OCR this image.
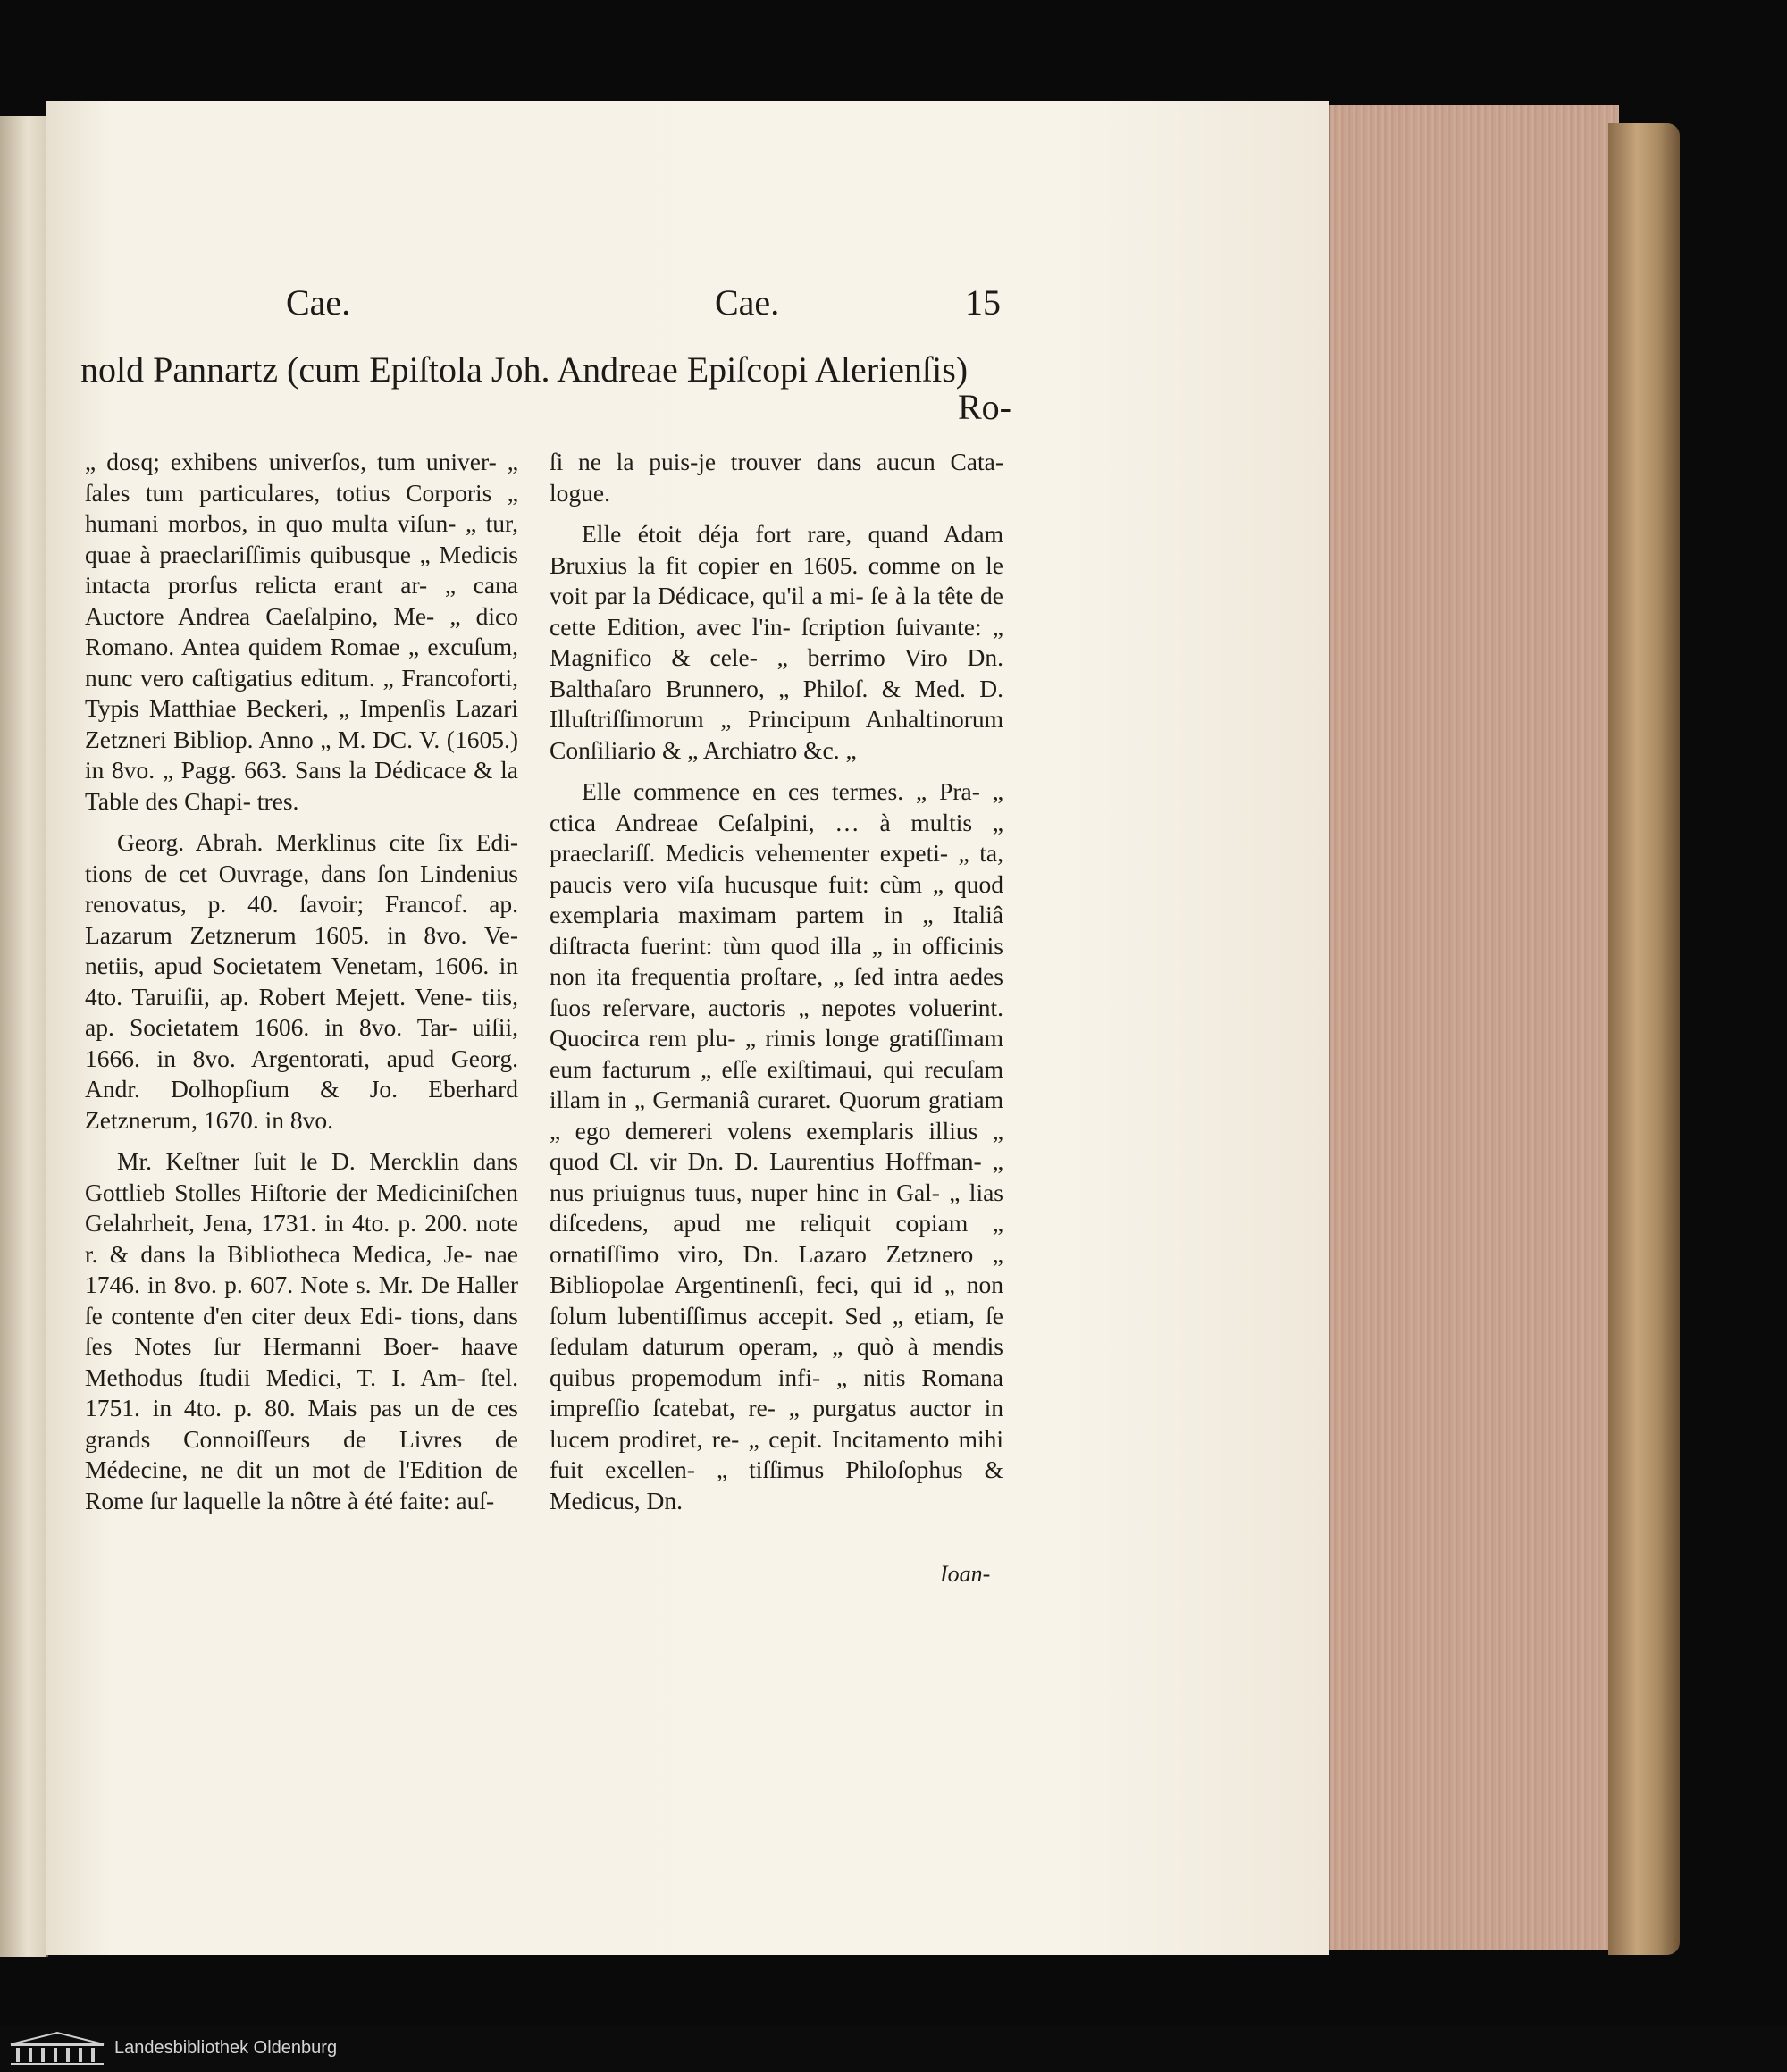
Cae.	Cae.	15
nold Pannartz (cum Epiſtola Joh. Andreae Epiſcopi Alerienſis)
Ro-

„ dosq; exhibens univerſos, tum univer- „ ſales tum particulares, totius Corporis „ humani morbos, in quo multa viſun- „ tur, quae à praeclariſſimis quibusque „ Medicis intacta prorſus relicta erant ar- „ cana Auctore Andrea Caeſalpino, Me- „ dico Romano. Antea quidem Romae „ excuſum, nunc vero caſtigatius editum. „ Francoforti, Typis Matthiae Beckeri, „ Impenſis Lazari Zetzneri Bibliop. Anno „ M. DC. V. (1605.) in 8vo. „ Pagg. 663. Sans la Dédicace & la Table des Chapi- tres.

Georg. Abrah. Merklinus cite ſix Edi- tions de cet Ouvrage, dans ſon Lindenius renovatus, p. 40. ſavoir; Francof. ap. Lazarum Zetznerum 1605. in 8vo. Ve- netiis, apud Societatem Venetam, 1606. in 4to. Taruiſii, ap. Robert Mejett. Vene- tiis, ap. Societatem 1606. in 8vo. Tar- uiſii, 1666. in 8vo. Argentorati, apud Georg. Andr. Dolhopſium & Jo. Eberhard Zetznerum, 1670. in 8vo.

Mr. Keſtner ſuit le D. Mercklin dans Gottlieb Stolles Hiſtorie der Mediciniſchen Gelahrheit, Jena, 1731. in 4to. p. 200. note r. & dans la Bibliotheca Medica, Je- nae 1746. in 8vo. p. 607. Note s. Mr. De Haller ſe contente d'en citer deux Edi- tions, dans ſes Notes ſur Hermanni Boer- haave Methodus ſtudii Medici, T. I. Am- ſtel. 1751. in 4to. p. 80. Mais pas un de ces grands Connoiſſeurs de Livres de Médecine, ne dit un mot de l'Edition de Rome ſur laquelle la nôtre à été faite: auſ-

ſi ne la puis-je trouver dans aucun Cata- logue.

Elle étoit déja fort rare, quand Adam Bruxius la fit copier en 1605. comme on le voit par la Dédicace, qu'il a mi- ſe à la tête de cette Edition, avec l'in- ſcription ſuivante: „ Magnifico & cele- „ berrimo Viro Dn. Balthaſaro Brunnero, „ Philoſ. & Med. D. Illuſtriſſimorum „ Principum Anhaltinorum Conſiliario & „ Archiatro &c. „

Elle commence en ces termes. „ Pra- „ ctica Andreae Ceſalpini, … à multis „ praeclariſſ. Medicis vehementer expeti- „ ta, paucis vero viſa hucusque fuit: cùm „ quod exemplaria maximam partem in „ Italiâ diſtracta fuerint: tùm quod illa „ in officinis non ita frequentia proſtare, „ ſed intra aedes ſuos reſervare, auctoris „ nepotes voluerint. Quocirca rem plu- „ rimis longe gratiſſimam eum facturum „ eſſe exiſtimaui, qui recuſam illam in „ Germaniâ curaret. Quorum gratiam „ ego demereri volens exemplaris illius „ quod Cl. vir Dn. D. Laurentius Hoffman- „ nus priuignus tuus, nuper hinc in Gal- „ lias diſcedens, apud me reliquit copiam „ ornatiſſimo viro, Dn. Lazaro Zetznero „ Bibliopolae Argentinenſi, feci, qui id „ non ſolum lubentiſſimus accepit. Sed „ etiam, ſe ſedulam daturum operam, „ quò à mendis quibus propemodum infi- „ nitis Romana impreſſio ſcatebat, re- „ purgatus auctor in lucem prodiret, re- „ cepit. Incitamento mihi fuit excellen- „ tiſſimus Philoſophus & Medicus, Dn.

Ioan-
Landesbibliothek Oldenburg
